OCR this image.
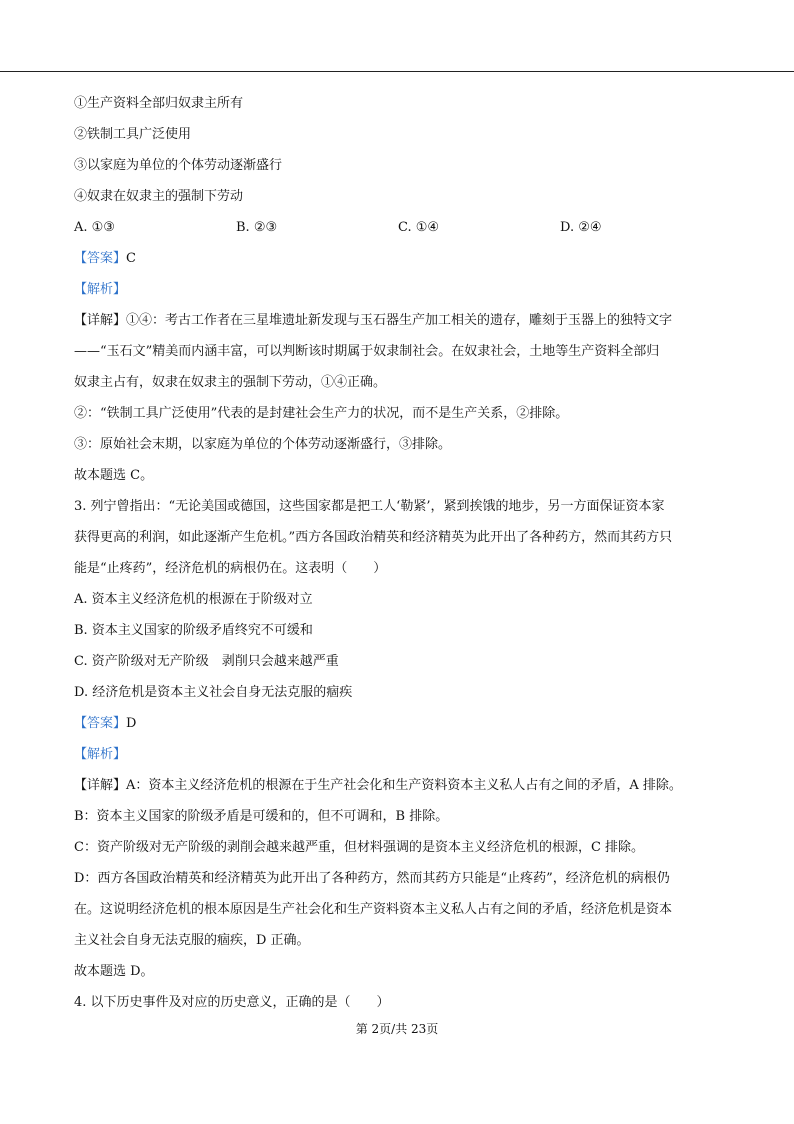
①生产资料全部归奴隶主所有
②铁制工具广泛使用
③以家庭为单位的个体劳动逐渐盛行
④奴隶在奴隶主的强制下劳动
A. ①③	B. ②③	C. ①④	D. ②④
【答案】C
【解析】
【详解】①④：考古工作者在三星堆遗址新发现与玉石器生产加工相关的遗存，雕刻于玉器上的独特文字
——“玉石文”精美而内涵丰富，可以判断该时期属于奴隶制社会。在奴隶社会，土地等生产资料全部归
奴隶主占有，奴隶在奴隶主的强制下劳动，①④正确。
②：“铁制工具广泛使用”代表的是封建社会生产力的状况，而不是生产关系，②排除。
③：原始社会末期，以家庭为单位的个体劳动逐渐盛行，③排除。
故本题选 C。
3. 列宁曾指出：“无论美国或德国，这些国家都是把工人‘勒紧’，紧到挨饿的地步，另一方面保证资本家
获得更高的利润，如此逐渐产生危机。”西方各国政治精英和经济精英为此开出了各种药方，然而其药方只
能是“止疼药”，经济危机的病根仍在。这表明（　　）
A. 资本主义经济危机的根源在于阶级对立
B. 资本主义国家的阶级矛盾终究不可缓和
C. 资产阶级对无产阶级　剥削只会越来越严重
D. 经济危机是资本主义社会自身无法克服的痼疾
【答案】D
【解析】
【详解】A：资本主义经济危机的根源在于生产社会化和生产资料资本主义私人占有之间的矛盾，A 排除。
B：资本主义国家的阶级矛盾是可缓和的，但不可调和，B 排除。
C：资产阶级对无产阶级的剥削会越来越严重，但材料强调的是资本主义经济危机的根源，C 排除。
D：西方各国政治精英和经济精英为此开出了各种药方，然而其药方只能是“止疼药”，经济危机的病根仍
在。这说明经济危机的根本原因是生产社会化和生产资料资本主义私人占有之间的矛盾，经济危机是资本
主义社会自身无法克服的痼疾，D 正确。
故本题选 D。
4. 以下历史事件及对应的历史意义，正确的是（　　）
第 2页/共 23页
